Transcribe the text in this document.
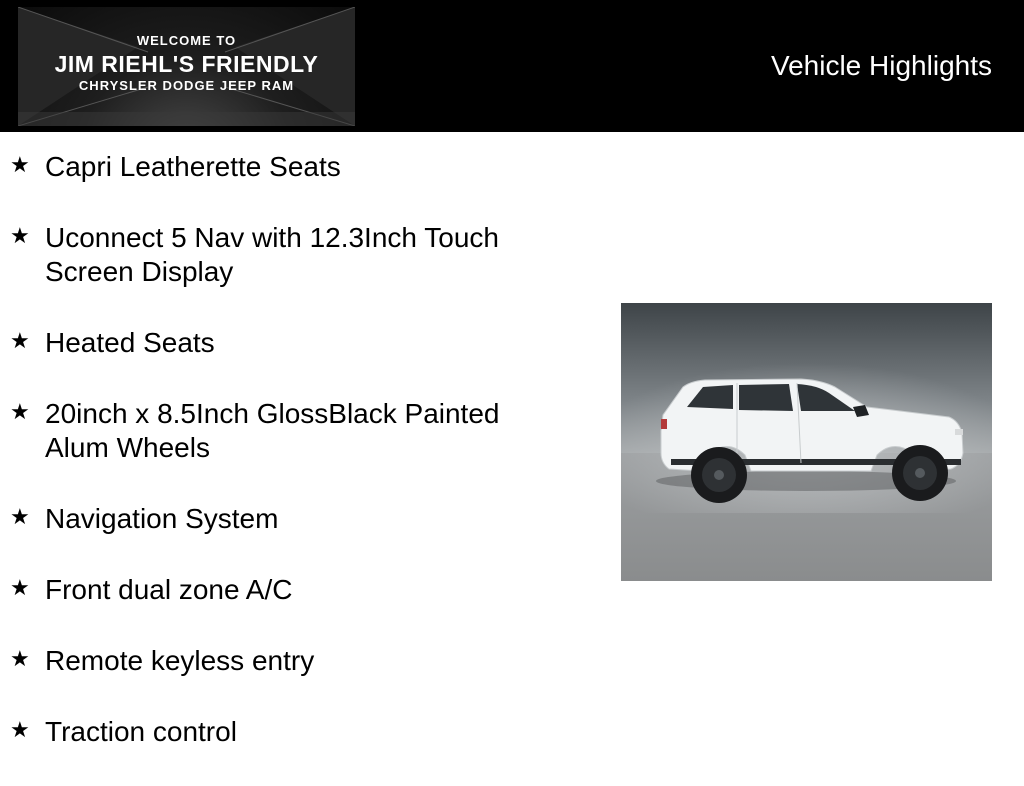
WELCOME TO
JIM RIEHL'S FRIENDLY
CHRYSLER DODGE JEEP RAM
Vehicle Highlights
★ Capri Leatherette Seats
★ Uconnect 5 Nav with 12.3Inch Touch Screen Display
★ Heated Seats
★ 20inch x 8.5Inch GlossBlack Painted Alum Wheels
★ Navigation System
★ Front dual zone A/C
★ Remote keyless entry
★ Traction control
